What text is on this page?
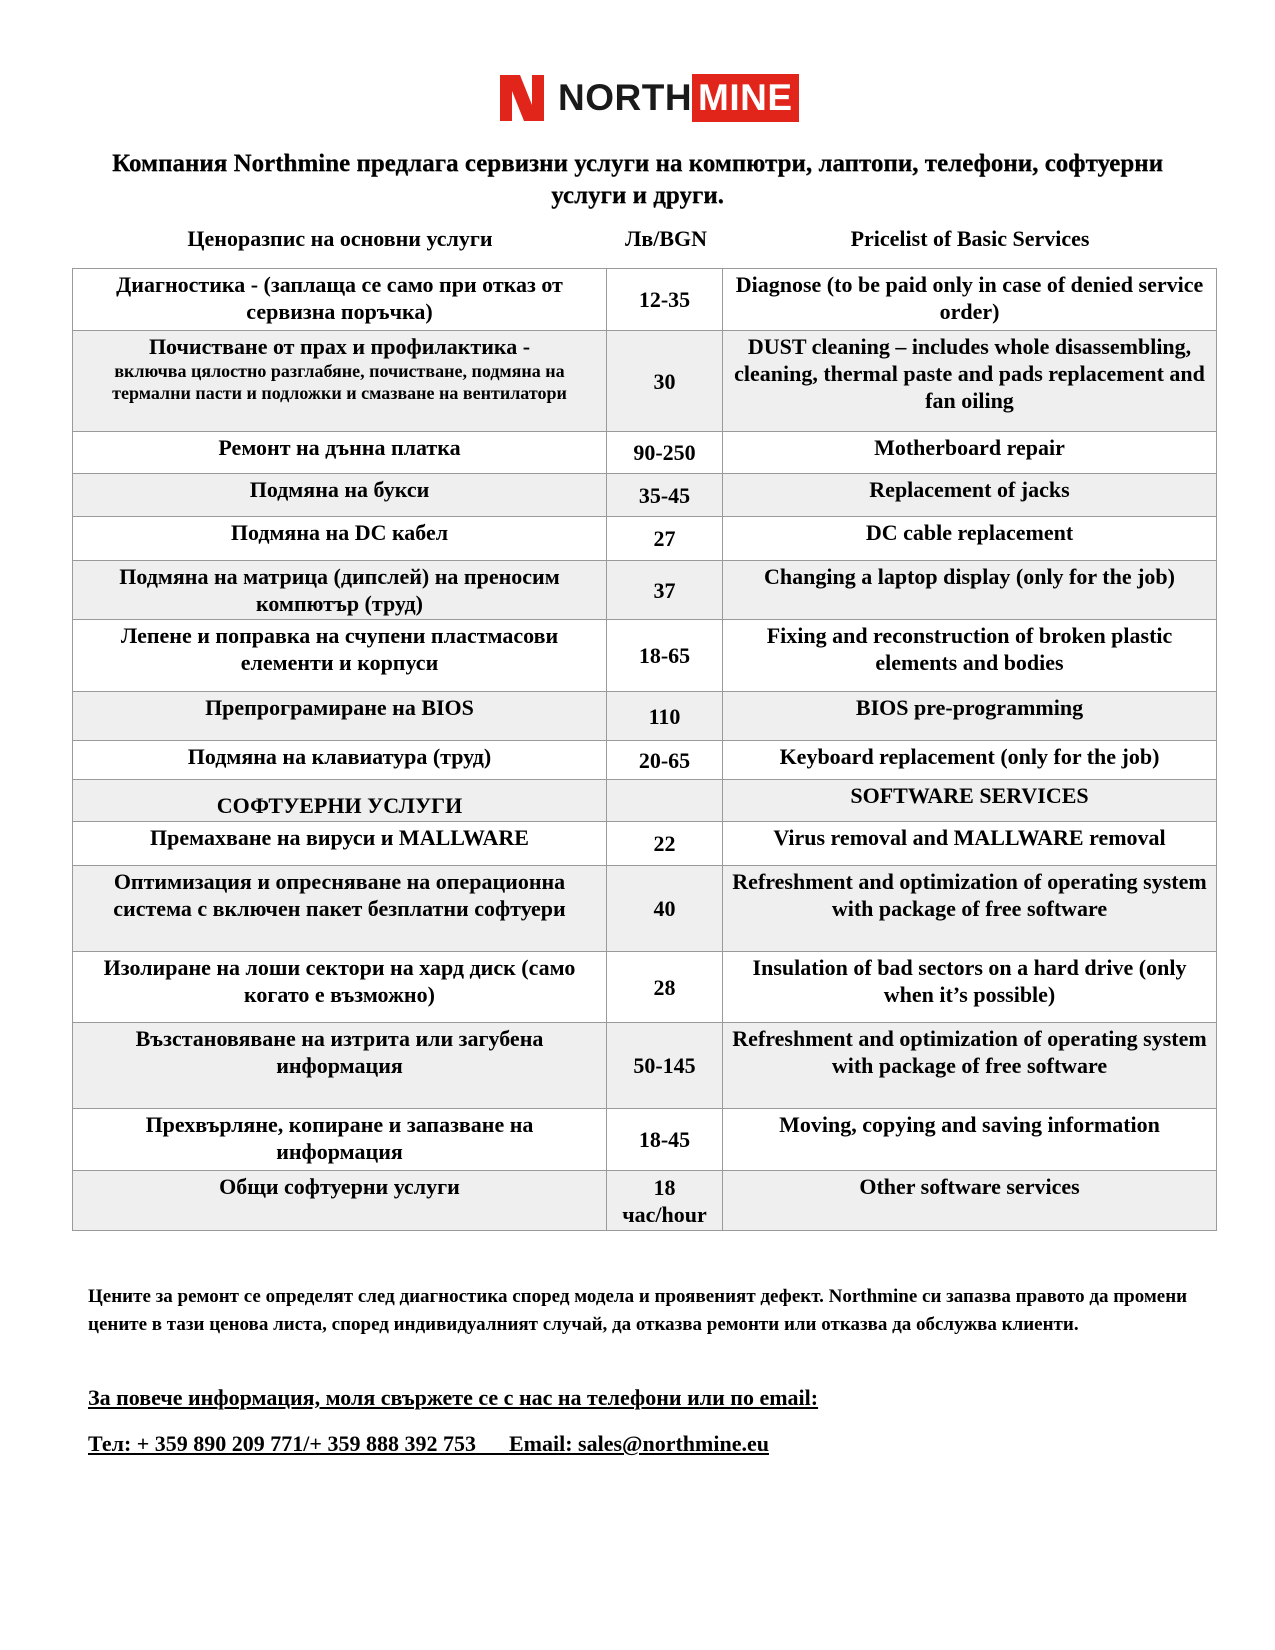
NORTH MINE
Компания Northmine предлага сервизни услуги на компютри, лаптопи, телефони, софтуерни услуги и други.
Ценоразпис на основни услуги	Лв/BGN	Pricelist of Basic Services
Диагностика - (заплаща се само при отказ от сервизна поръчка)	12-35	Diagnose (to be paid only in case of denied service order)
Почистване от прах и профилактика -
включва цялостно разглабяне, почистване, подмяна на термални пасти и подложки и смазване на вентилатори	30	DUST cleaning – includes whole disassembling, cleaning, thermal paste and pads replacement and fan oiling
Ремонт на дънна платка	90-250	Motherboard repair
Подмяна на букси	35-45	Replacement of jacks
Подмяна на DC кабел	27	DC cable replacement
Подмяна на матрица (дипслей) на преносим компютър (труд)	37	Changing a laptop display (only for the job)
Лепене и поправка на счупени пластмасови елементи и корпуси	18-65	Fixing and reconstruction of broken plastic elements and bodies
Препрограмиране на BIOS	110	BIOS pre-programming
Подмяна на клавиатура (труд)	20-65	Keyboard replacement (only for the job)
СОФТУЕРНИ УСЛУГИ		SOFTWARE SERVICES
Премахване на вируси и MALLWARE	22	Virus removal and MALLWARE removal
Оптимизация и опресняване на операционна система с включен пакет безплатни софтуери	40	Refreshment and optimization of operating system with package of free software
Изолиране на лоши сектори на хард диск (само когато е възможно)	28	Insulation of bad sectors on a hard drive (only when it’s possible)
Възстановяване на изтрита или загубена информация	50-145	Refreshment and optimization of operating system with package of free software
Прехвърляне, копиране и запазване на информация	18-45	Moving, copying and saving information
Общи софтуерни услуги	18 час/hour	Other software services
Цените за ремонт се определят след диагностика според модела и проявеният дефект. Northmine си запазва правото да промени цените в тази ценова листа, според индивидуалният случай, да отказва ремонти или отказва да обслужва клиенти.
За повече информация, моля свържете се с нас на телефони или по email:
Тел: + 359 890 209 771/+ 359 888 392 753 Email: sales@northmine.eu
